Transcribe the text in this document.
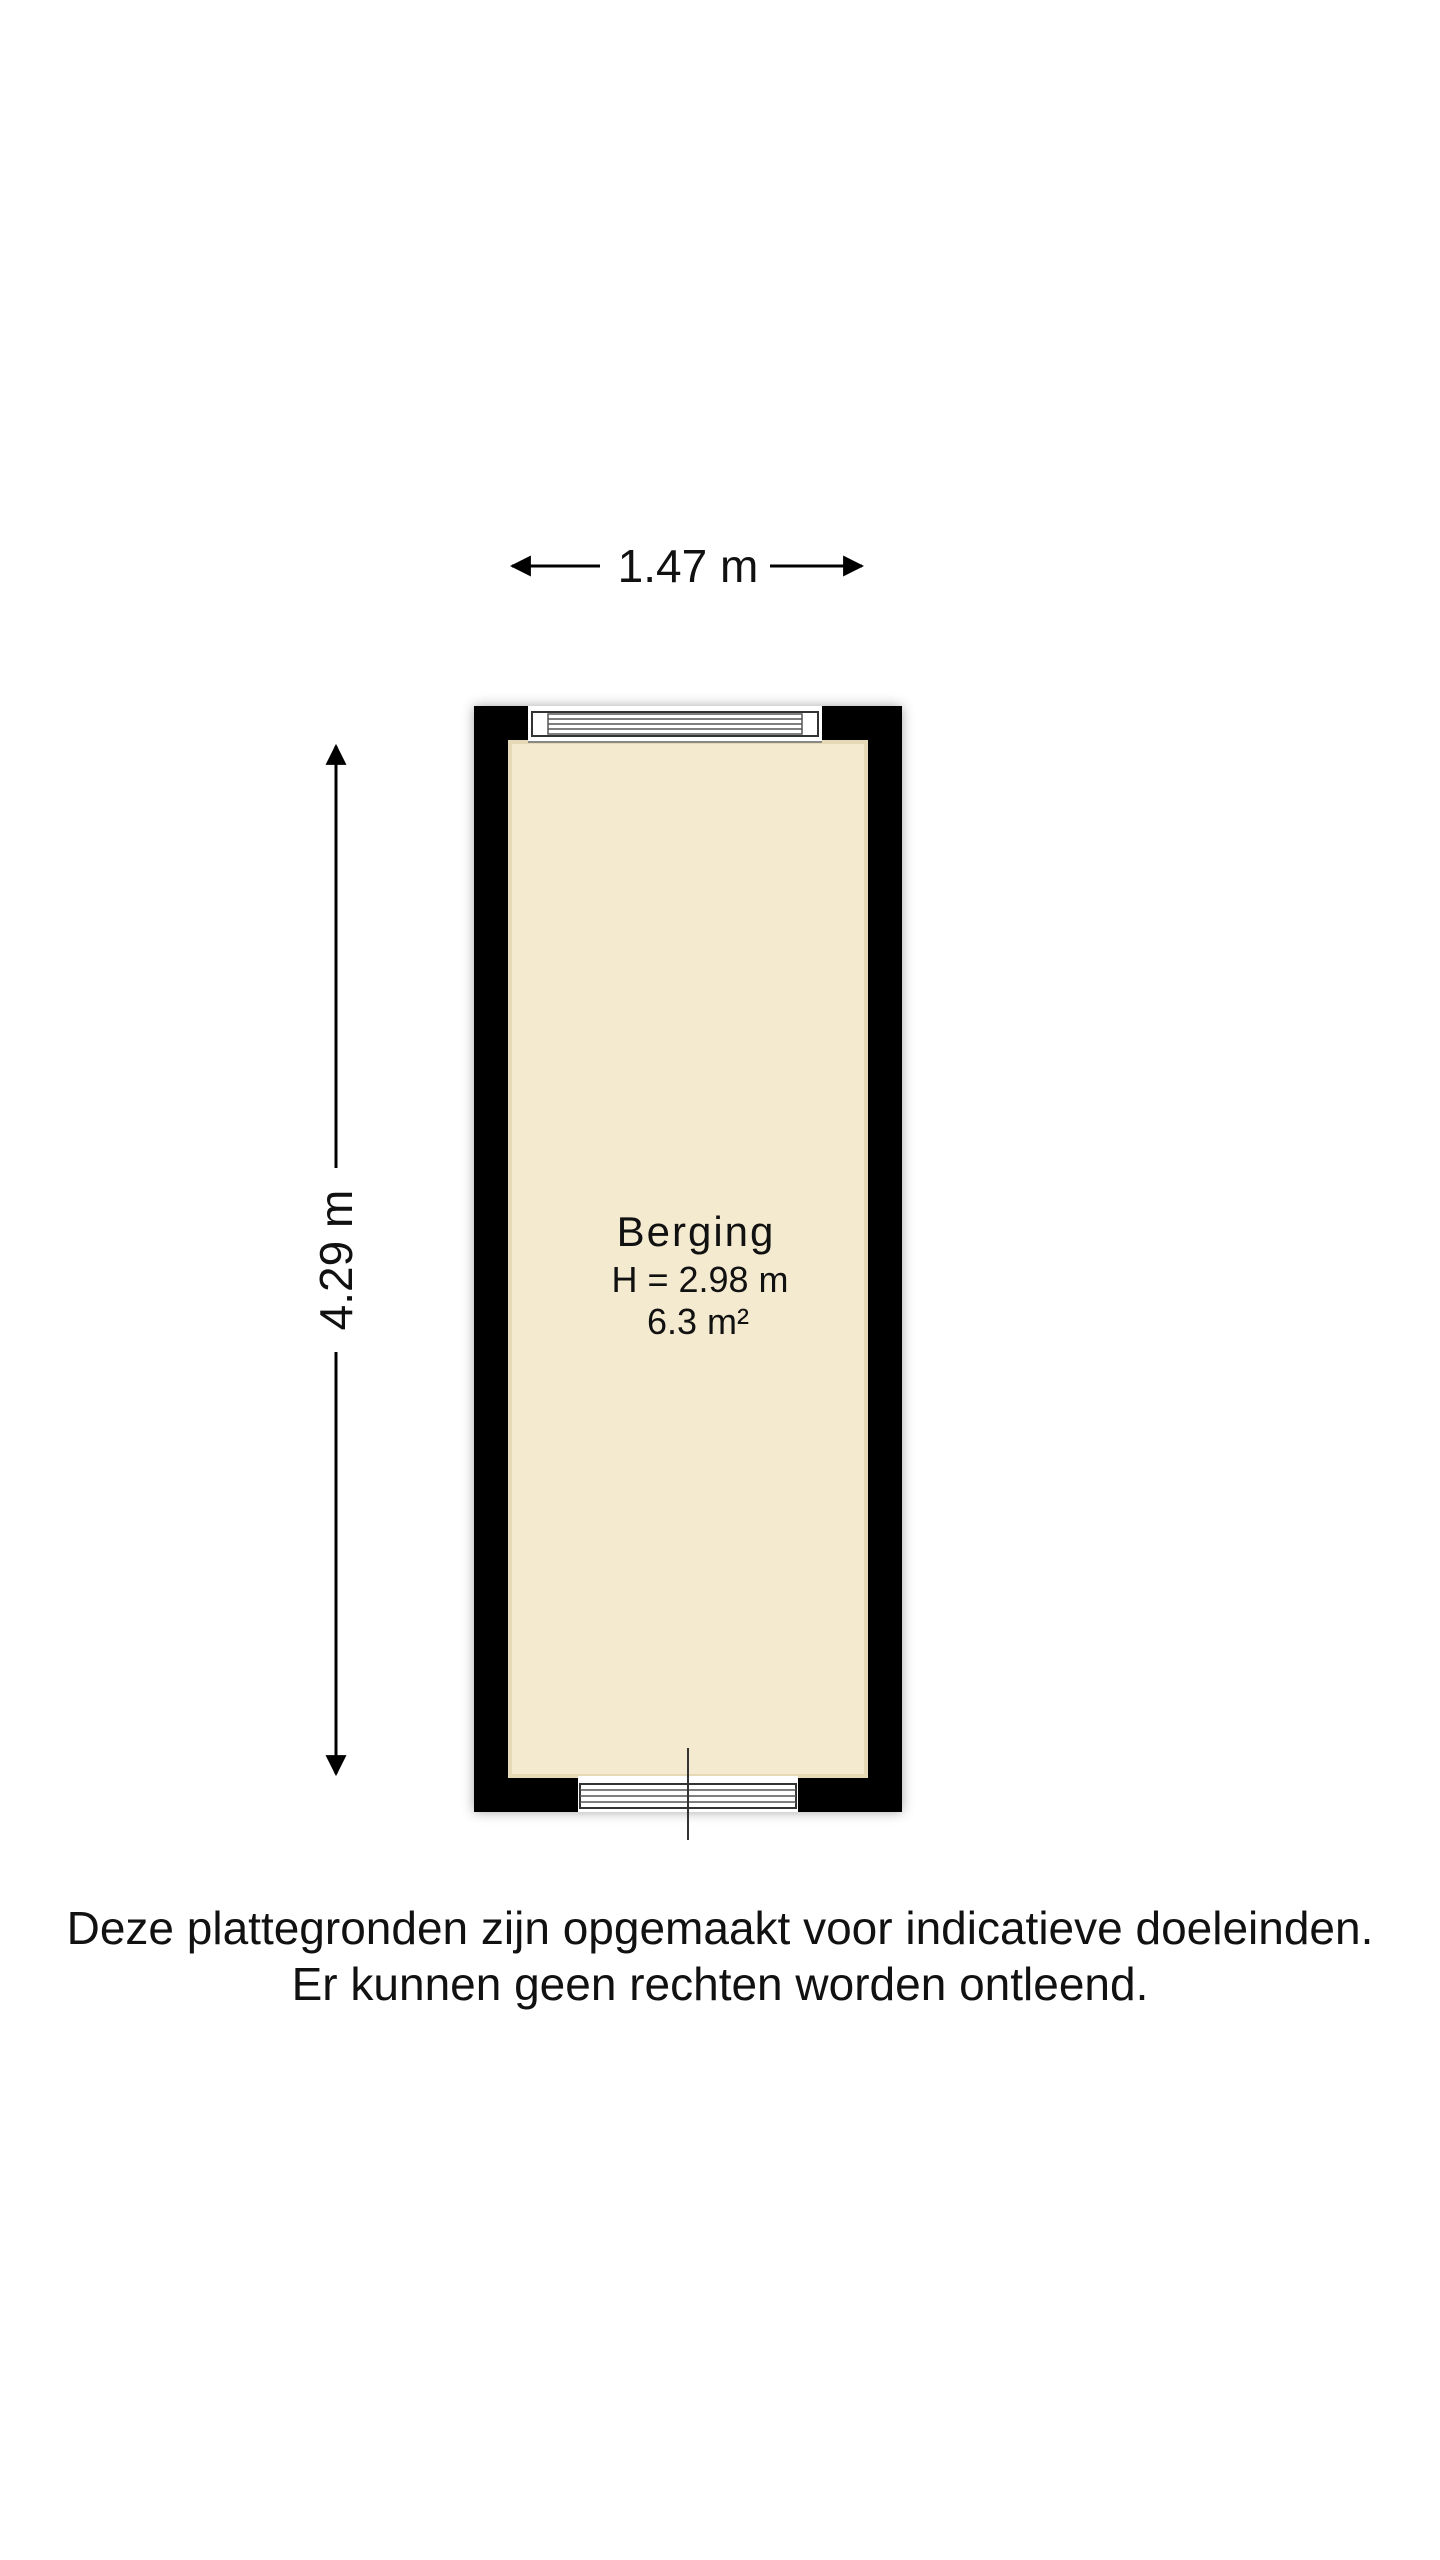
1.47 m
4.29 m	Berging
H = 2.98 m
6.3 m²
Deze plattegronden zijn opgemaakt voor indicatieve doeleinden.
Er kunnen geen rechten worden ontleend.
